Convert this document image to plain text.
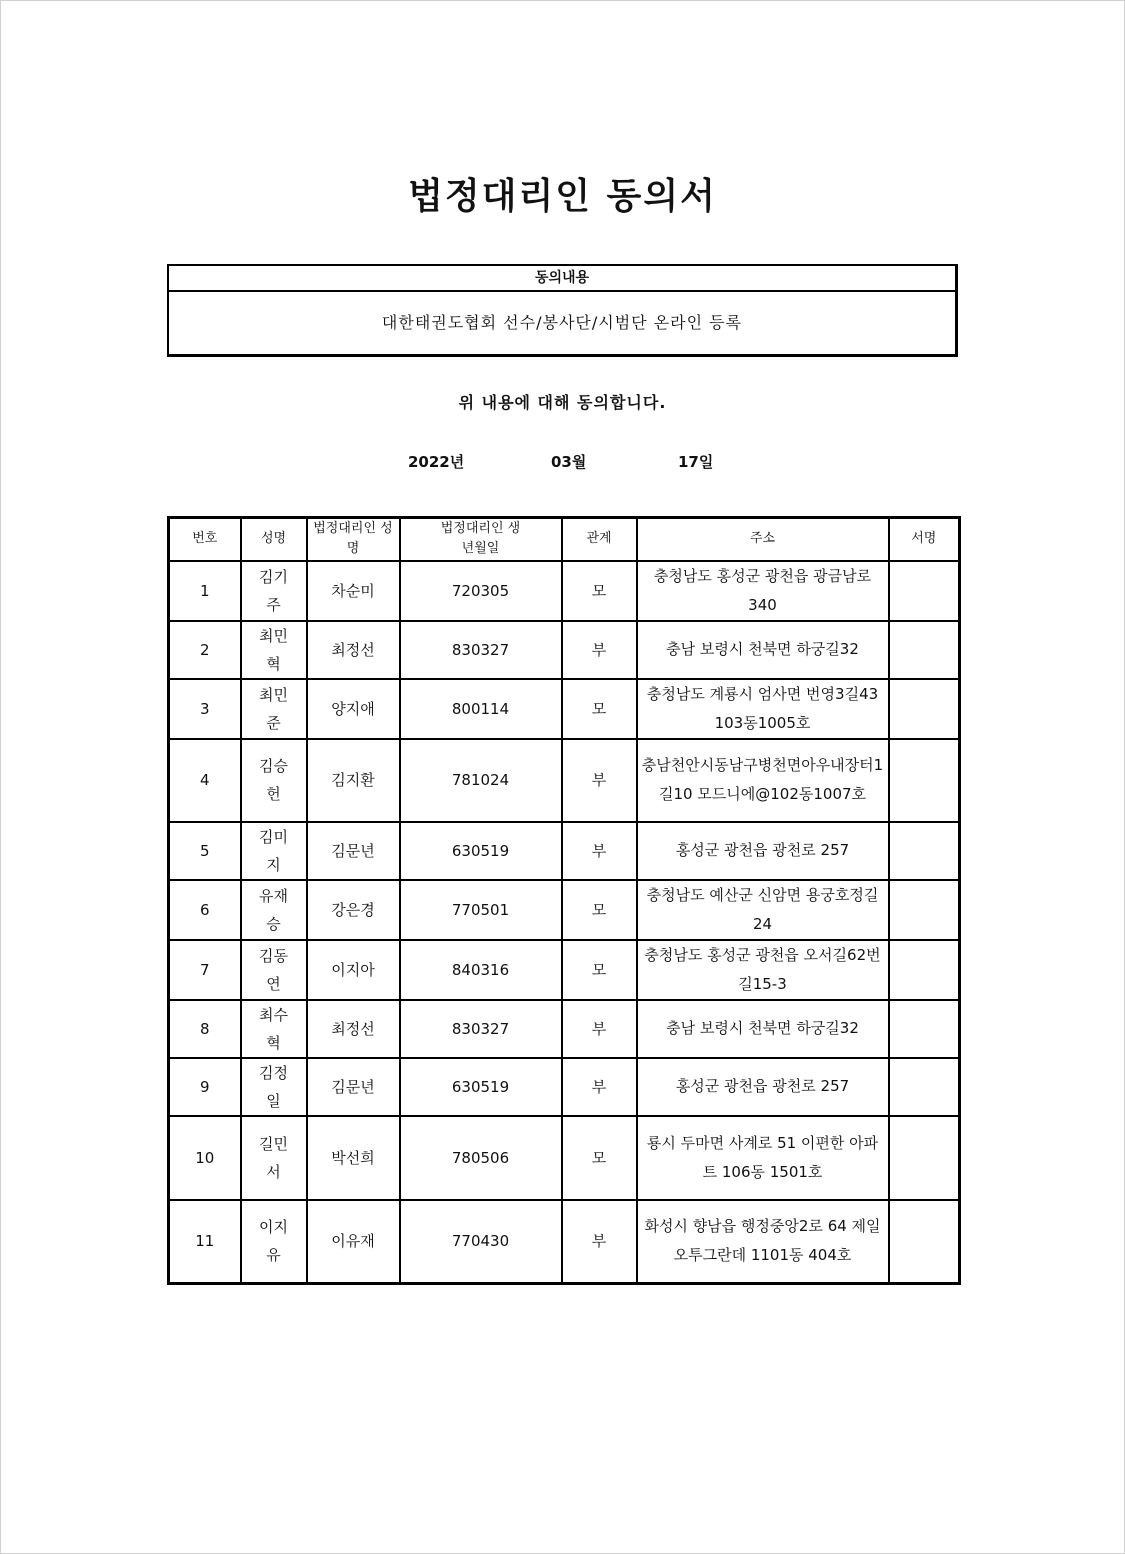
법정대리인 동의서
동의내용
대한태권도협회 선수/봉사단/시범단 온라인 등록
위 내용에 대해 동의합니다.
2022년	03월	17일
번호	성명	법정대리인 성명	법정대리인 생년월일	관계	주소	서명

1	김기주	차순미	720305	모	충청남도 홍성군 광천읍 광금남로340	

2	최민혁	최정선	830327	부	충남 보령시 천북면 하궁길32	

3	최민준	양지애	800114	모	충청남도 계룡시 엄사면 번영3길43 103동1005호	

4	김승헌	김지환	781024	부	충남천안시동남구병천면아우내장터1길10 모드니에@102동1007호	

5	김미지	김문년	630519	부	홍성군 광천읍 광천로 257	

6	유재승	강은경	770501	모	충청남도 예산군 신암면 용궁호정길24	

7	김동연	이지아	840316	모	충청남도 홍성군 광천읍 오서길62번길15-3	

8	최수혁	최정선	830327	부	충남 보령시 천북면 하궁길32	

9	김정일	김문년	630519	부	홍성군 광천읍 광천로 257	

10	길민서	박선희	780506	모	룡시 두마면 사계로 51 이편한 아파트 106동 1501호	

11	이지유	이유재	770430	부	화성시 향남읍 행정중앙2로 64 제일오투그란데 1101동 404호	
